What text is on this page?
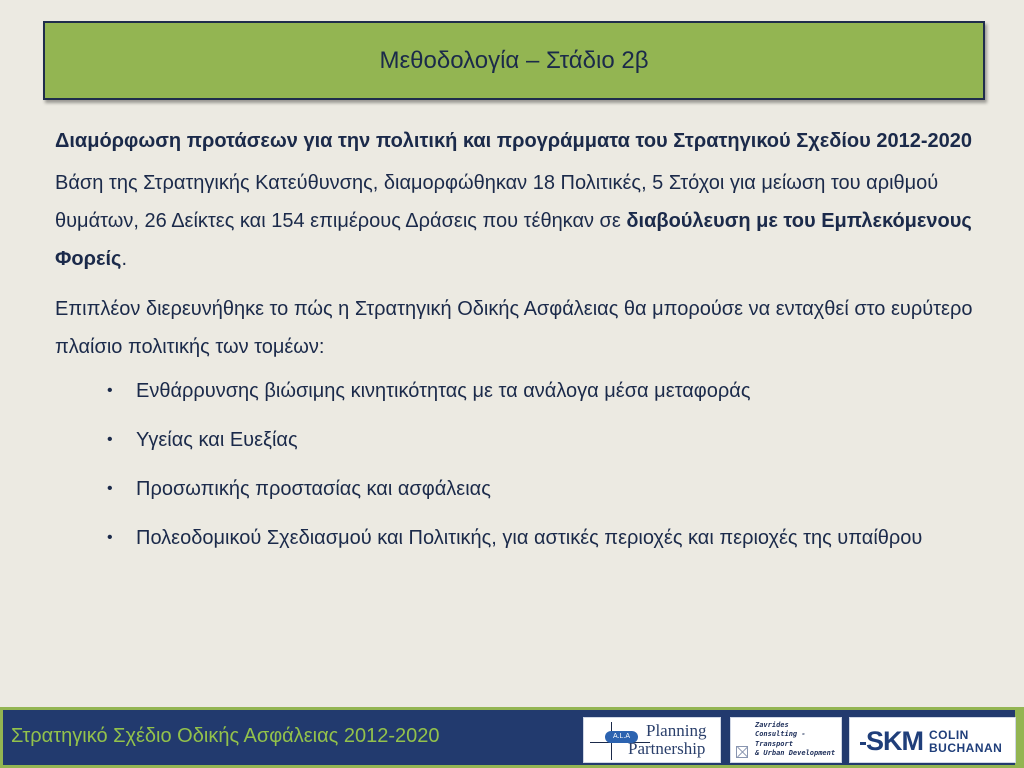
Μεθοδολογία – Στάδιο 2β

Διαμόρφωση προτάσεων για την πολιτική και προγράμματα του Στρατηγικού Σχεδίου 2012-2020

Βάση της Στρατηγικής Κατεύθυνσης, διαμορφώθηκαν 18 Πολιτικές, 5 Στόχοι για μείωση του αριθμού θυμάτων, 26 Δείκτες και 154 επιμέρους Δράσεις που τέθηκαν σε διαβούλευση με του Εμπλεκόμενους Φορείς.

Επιπλέον διερευνήθηκε το πώς η Στρατηγική Οδικής Ασφάλειας θα μπορούσε να ενταχθεί στο ευρύτερο πλαίσιο πολιτικής των τομέων:

• Ενθάρρυνσης βιώσιμης κινητικότητας με τα ανάλογα μέσα μεταφοράς
• Υγείας και Ευεξίας
• Προσωπικής προστασίας και ασφάλειας
• Πολεοδομικού Σχεδιασμού και Πολιτικής, για αστικές περιοχές και περιοχές της υπαίθρου
Στρατηγικό Σχέδιο Οδικής Ασφάλειας 2012-2020	A.L.A Planning
Partnership
Zavrides
Consulting -
Transport
& Urban Development SKM COLIN
BUCHANAN
